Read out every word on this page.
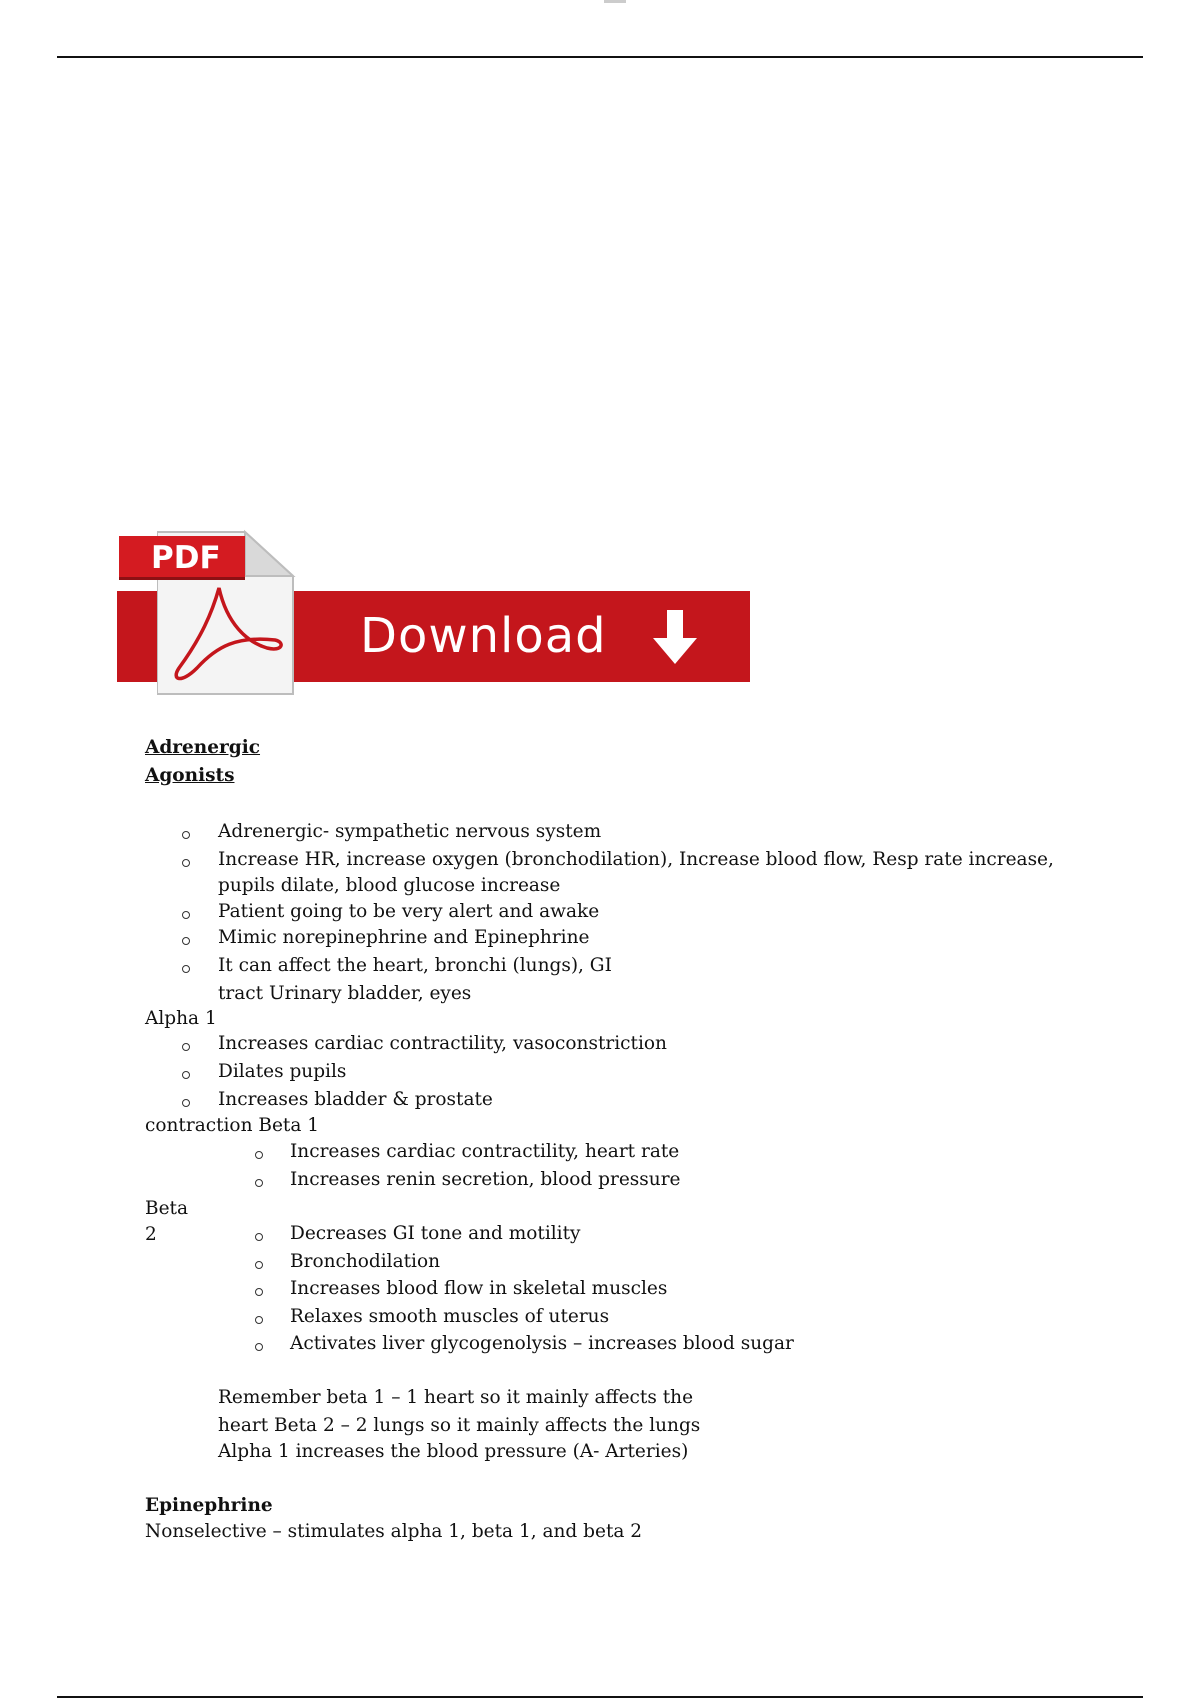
PDF
Download
Adrenergic
Agonists
Adrenergic- sympathetic nervous system
Increase HR, increase oxygen (bronchodilation), Increase blood flow, Resp rate increase,
pupils dilate, blood glucose increase
Patient going to be very alert and awake
Mimic norepinephrine and Epinephrine
It can affect the heart, bronchi (lungs), GI
tract Urinary bladder, eyes
Alpha 1
Increases cardiac contractility, vasoconstriction
Dilates pupils
Increases bladder & prostate
contraction Beta 1
Increases cardiac contractility, heart rate
Increases renin secretion, blood pressure
Beta
2	Decreases GI tone and motility
Bronchodilation
Increases blood flow in skeletal muscles
Relaxes smooth muscles of uterus
Activates liver glycogenolysis – increases blood sugar
Remember beta 1 – 1 heart so it mainly affects the
heart Beta 2 – 2 lungs so it mainly affects the lungs
Alpha 1 increases the blood pressure (A- Arteries)
Epinephrine
Nonselective – stimulates alpha 1, beta 1, and beta 2
